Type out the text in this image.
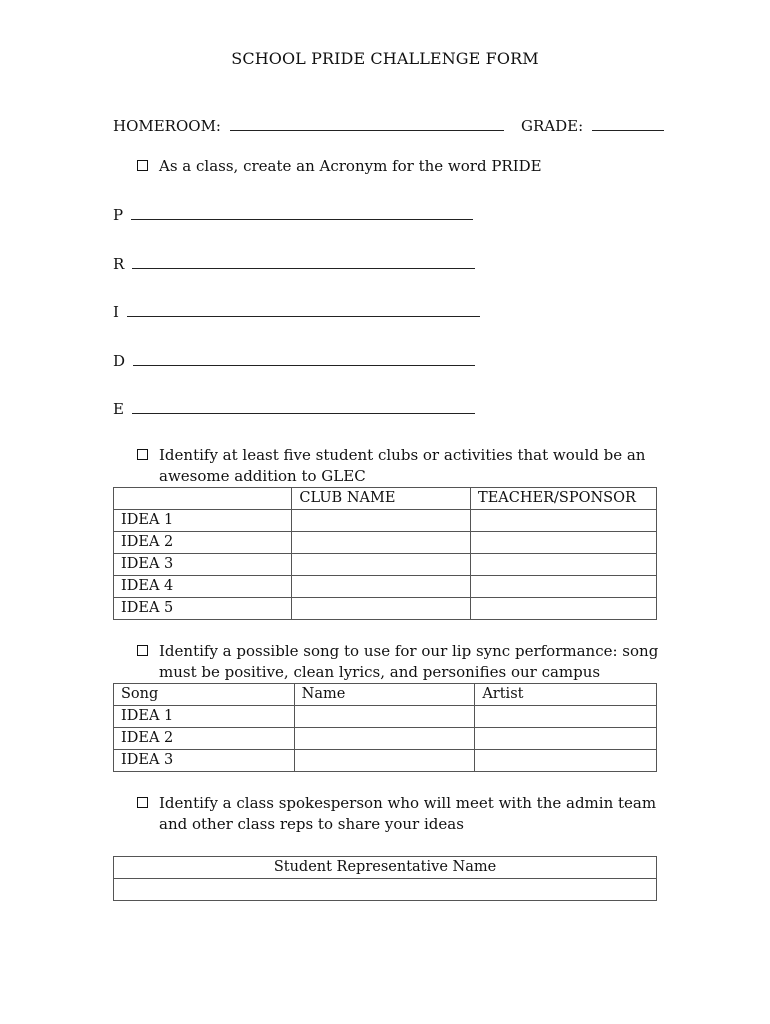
SCHOOL PRIDE CHALLENGE FORM
HOMEROOM:	GRADE:
As a class, create an Acronym for the word PRIDE
P
R
I
D
E
Identify at least five student clubs or activities that would be an
awesome addition to GLEC
	CLUB NAME	TEACHER/SPONSOR
IDEA 1		
IDEA 2		
IDEA 3		
IDEA 4		
IDEA 5		
Identify a possible song to use for our lip sync performance: song
must be positive, clean lyrics, and personifies our campus
Song	Name	Artist
IDEA 1		
IDEA 2		
IDEA 3		
Identify a class spokesperson who will meet with the admin team
and other class reps to share your ideas
Student Representative Name
